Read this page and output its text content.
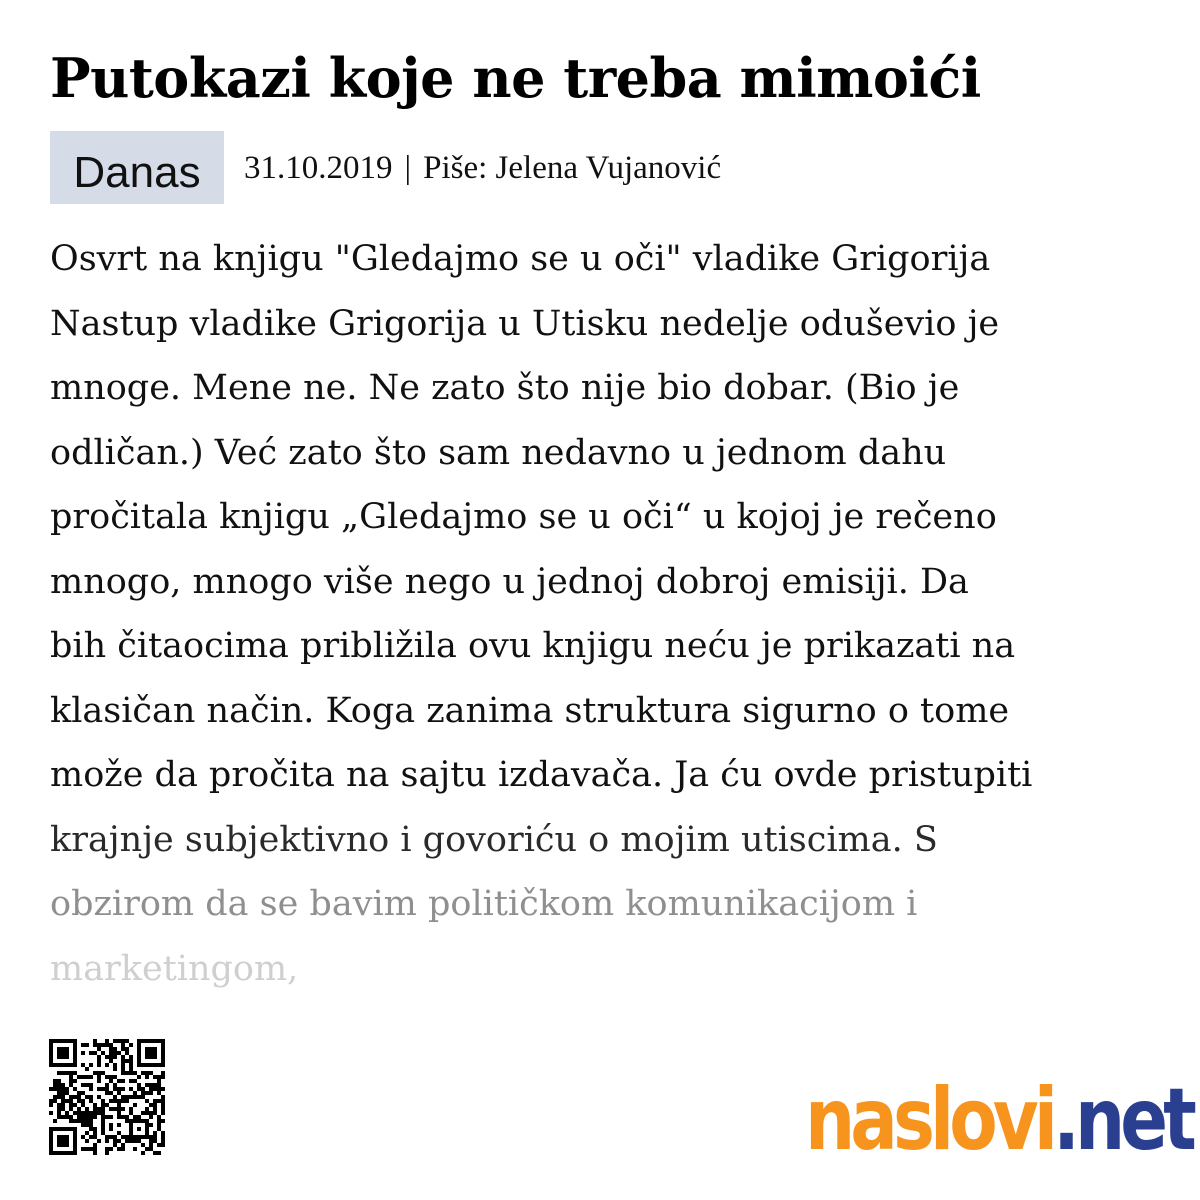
Putokazi koje ne treba mimoići
Danas 31.10.2019 | Piše: Jelena Vujanović
Osvrt na knjigu "Gledajmo se u oči" vladike Grigorija
Nastup vladike Grigorija u Utisku nedelje oduševio je
mnoge. Mene ne. Ne zato što nije bio dobar. (Bio je
odličan.) Već zato što sam nedavno u jednom dahu
pročitala knjigu „Gledajmo se u oči“ u kojoj je rečeno
mnogo, mnogo više nego u jednoj dobroj emisiji. Da
bih čitaocima približila ovu knjigu neću je prikazati na
klasičan način. Koga zanima struktura sigurno o tome
može da pročita na sajtu izdavača. Ja ću ovde pristupiti
krajnje subjektivno i govoriću o mojim utiscima. S
obzirom da se bavim političkom komunikacijom i
marketingom,
naslovi.net
